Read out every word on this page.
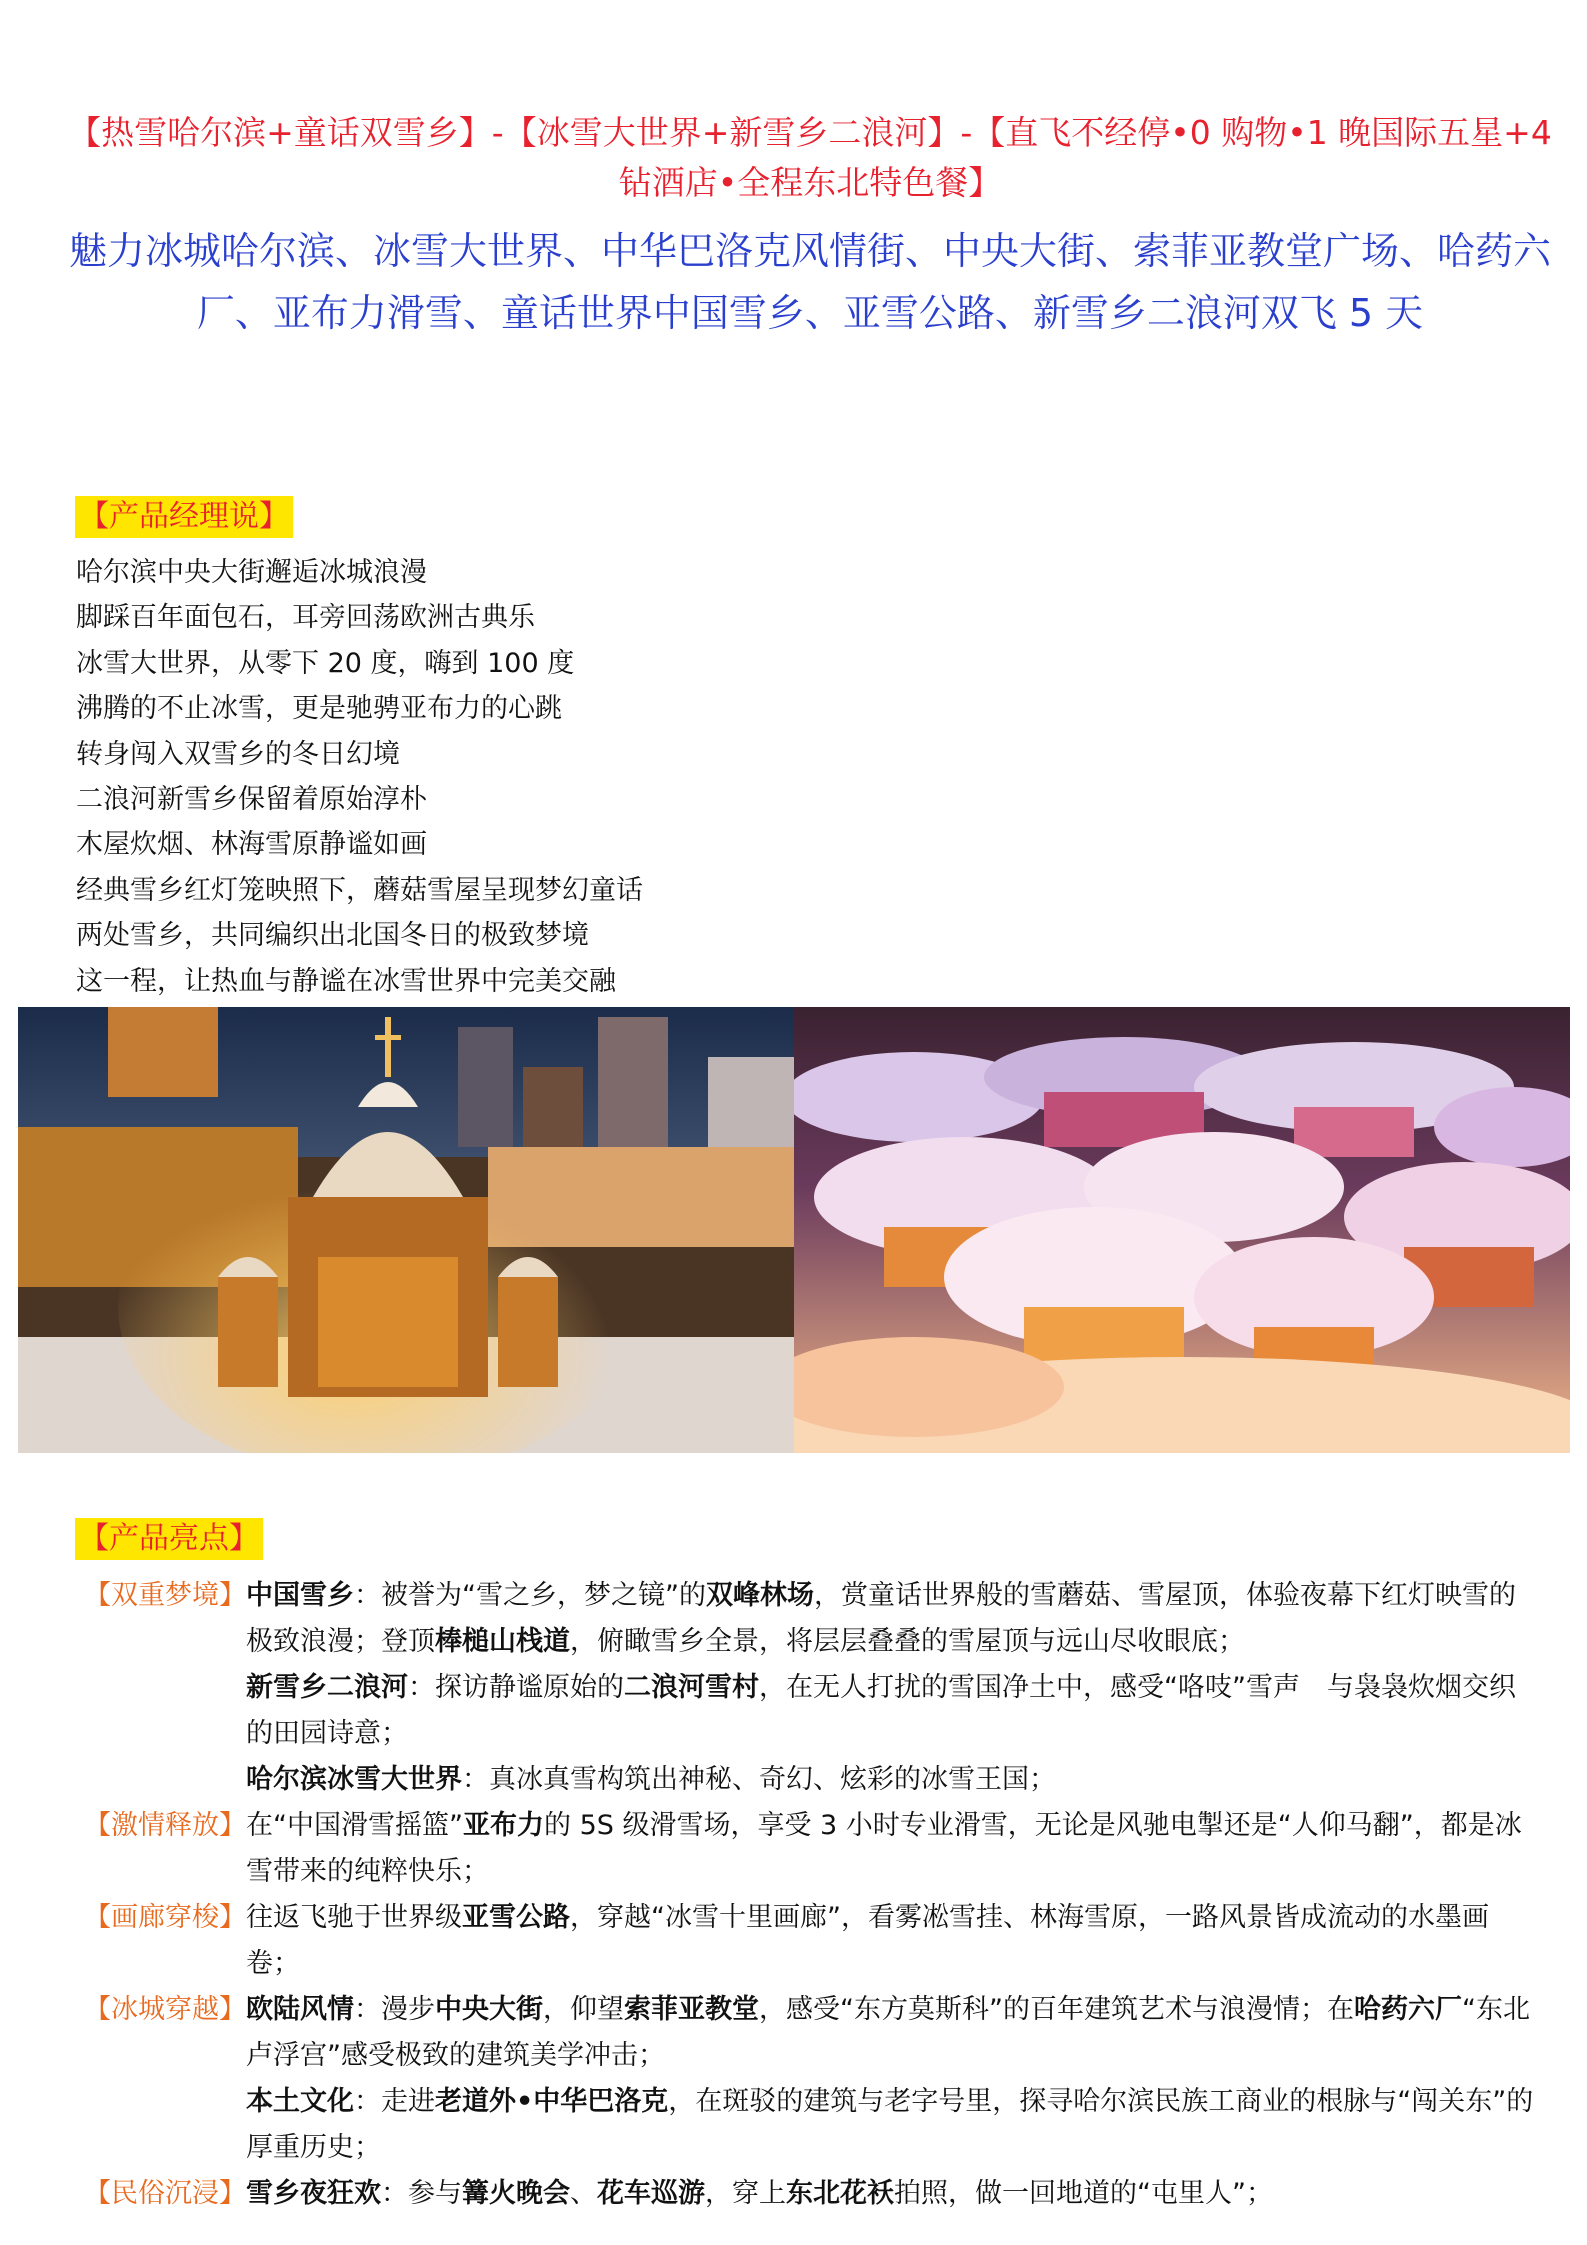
【热雪哈尔滨+童话双雪乡】-【冰雪大世界+新雪乡二浪河】-【直飞不经停•0 购物•1 晚国际五星+4 钻酒店•全程东北特色餐】
魅力冰城哈尔滨、冰雪大世界、中华巴洛克风情街、中央大街、索菲亚教堂广场、哈药六厂、亚布力滑雪、童话世界中国雪乡、亚雪公路、新雪乡二浪河双飞 5 天
【产品经理说】
哈尔滨中央大街邂逅冰城浪漫
脚踩百年面包石，耳旁回荡欧洲古典乐
冰雪大世界，从零下 20 度，嗨到 100 度
沸腾的不止冰雪，更是驰骋亚布力的心跳
转身闯入双雪乡的冬日幻境
二浪河新雪乡保留着原始淳朴
木屋炊烟、林海雪原静谧如画
经典雪乡红灯笼映照下，蘑菇雪屋呈现梦幻童话
两处雪乡，共同编织出北国冬日的极致梦境
这一程，让热血与静谧在冰雪世界中完美交融
【产品亮点】
【双重梦境】 中国雪乡：被誉为“雪之乡，梦之镜”的双峰林场，赏童话世界般的雪蘑菇、雪屋顶，体验夜幕下红灯映雪的极致浪漫；登顶棒槌山栈道，俯瞰雪乡全景，将层层叠叠的雪屋顶与远山尽收眼底；
新雪乡二浪河：探访静谧原始的二浪河雪村，在无人打扰的雪国净土中，感受“咯吱”雪声　与袅袅炊烟交织的田园诗意；
哈尔滨冰雪大世界：真冰真雪构筑出神秘、奇幻、炫彩的冰雪王国；
【激情释放】 在“中国滑雪摇篮”亚布力的 5S 级滑雪场，享受 3 小时专业滑雪，无论是风驰电掣还是“人仰马翻”，都是冰雪带来的纯粹快乐；
【画廊穿梭】 往返飞驰于世界级亚雪公路，穿越“冰雪十里画廊”，看雾凇雪挂、林海雪原，一路风景皆成流动的水墨画卷；
【冰城穿越】 欧陆风情：漫步中央大街，仰望索菲亚教堂，感受“东方莫斯科”的百年建筑艺术与浪漫情；在哈药六厂“东北卢浮宫”感受极致的建筑美学冲击；
本土文化：走进老道外•中华巴洛克，在斑驳的建筑与老字号里，探寻哈尔滨民族工商业的根脉与“闯关东”的厚重历史；
【民俗沉浸】 雪乡夜狂欢：参与篝火晚会、花车巡游，穿上东北花袄拍照，做一回地道的“屯里人”；
